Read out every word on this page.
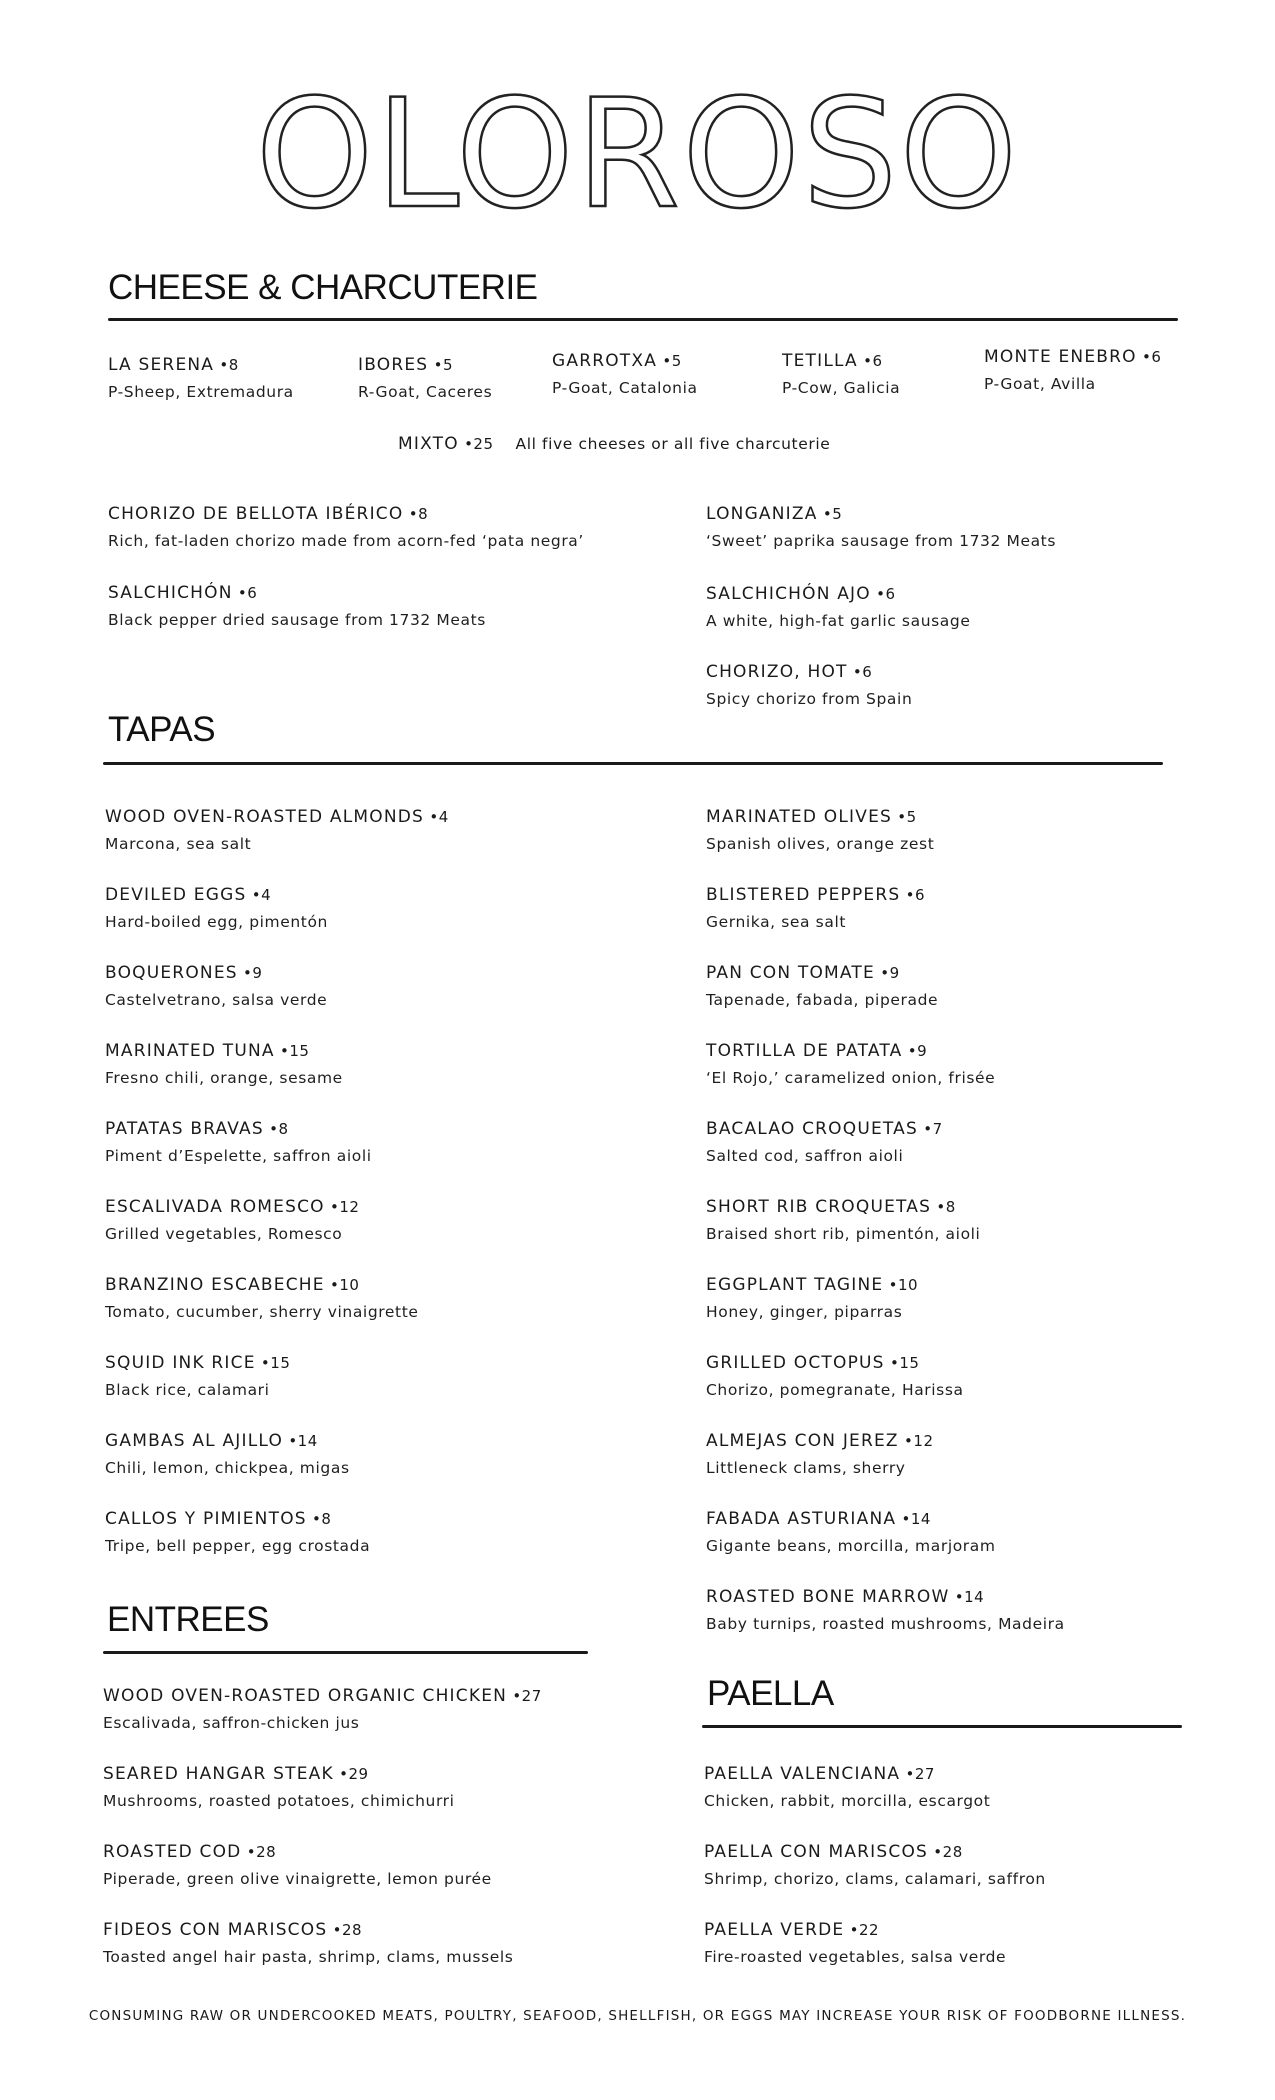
OLOROSO
CHEESE & CHARCUTERIE
LA SERENA • 8
P-Sheep, Extremadura
IBORES • 5
R-Goat, Caceres
GARROTXA • 5
P-Goat, Catalonia
TETILLA • 6
P-Cow, Galicia
MONTE ENEBRO • 6
P-Goat, Avilla
MIXTO • 25 All five cheeses or all five charcuterie
CHORIZO DE BELLOTA IBÉRICO • 8
Rich, fat-laden chorizo made from acorn-fed ‘pata negra’
SALCHICHÓN • 6
Black pepper dried sausage from 1732 Meats
LONGANIZA • 5
‘Sweet’ paprika sausage from 1732 Meats
SALCHICHÓN AJO • 6
A white, high-fat garlic sausage
CHORIZO, HOT • 6
Spicy chorizo from Spain
TAPAS
WOOD OVEN-ROASTED ALMONDS • 4
Marcona, sea salt
DEVILED EGGS • 4
Hard-boiled egg, pimentón
BOQUERONES • 9
Castelvetrano, salsa verde
MARINATED TUNA • 15
Fresno chili, orange, sesame
PATATAS BRAVAS • 8
Piment d’Espelette, saffron aioli
ESCALIVADA ROMESCO • 12
Grilled vegetables, Romesco
BRANZINO ESCABECHE • 10
Tomato, cucumber, sherry vinaigrette
SQUID INK RICE • 15
Black rice, calamari
GAMBAS AL AJILLO • 14
Chili, lemon, chickpea, migas
CALLOS Y PIMIENTOS • 8
Tripe, bell pepper, egg crostada
MARINATED OLIVES • 5
Spanish olives, orange zest
BLISTERED PEPPERS • 6
Gernika, sea salt
PAN CON TOMATE • 9
Tapenade, fabada, piperade
TORTILLA DE PATATA • 9
‘El Rojo,’ caramelized onion, frisée
BACALAO CROQUETAS • 7
Salted cod, saffron aioli
SHORT RIB CROQUETAS • 8
Braised short rib, pimentón, aioli
EGGPLANT TAGINE • 10
Honey, ginger, piparras
GRILLED OCTOPUS • 15
Chorizo, pomegranate, Harissa
ALMEJAS CON JEREZ • 12
Littleneck clams, sherry
FABADA ASTURIANA • 14
Gigante beans, morcilla, marjoram
ROASTED BONE MARROW • 14
Baby turnips, roasted mushrooms, Madeira
ENTREES
WOOD OVEN-ROASTED ORGANIC CHICKEN • 27
Escalivada, saffron-chicken jus
SEARED HANGAR STEAK • 29
Mushrooms, roasted potatoes, chimichurri
ROASTED COD • 28
Piperade, green olive vinaigrette, lemon purée
FIDEOS CON MARISCOS • 28
Toasted angel hair pasta, shrimp, clams, mussels
PAELLA
PAELLA VALENCIANA • 27
Chicken, rabbit, morcilla, escargot
PAELLA CON MARISCOS • 28
Shrimp, chorizo, clams, calamari, saffron
PAELLA VERDE • 22
Fire-roasted vegetables, salsa verde
CONSUMING RAW OR UNDERCOOKED MEATS, POULTRY, SEAFOOD, SHELLFISH, OR EGGS MAY INCREASE YOUR RISK OF FOODBORNE ILLNESS.
